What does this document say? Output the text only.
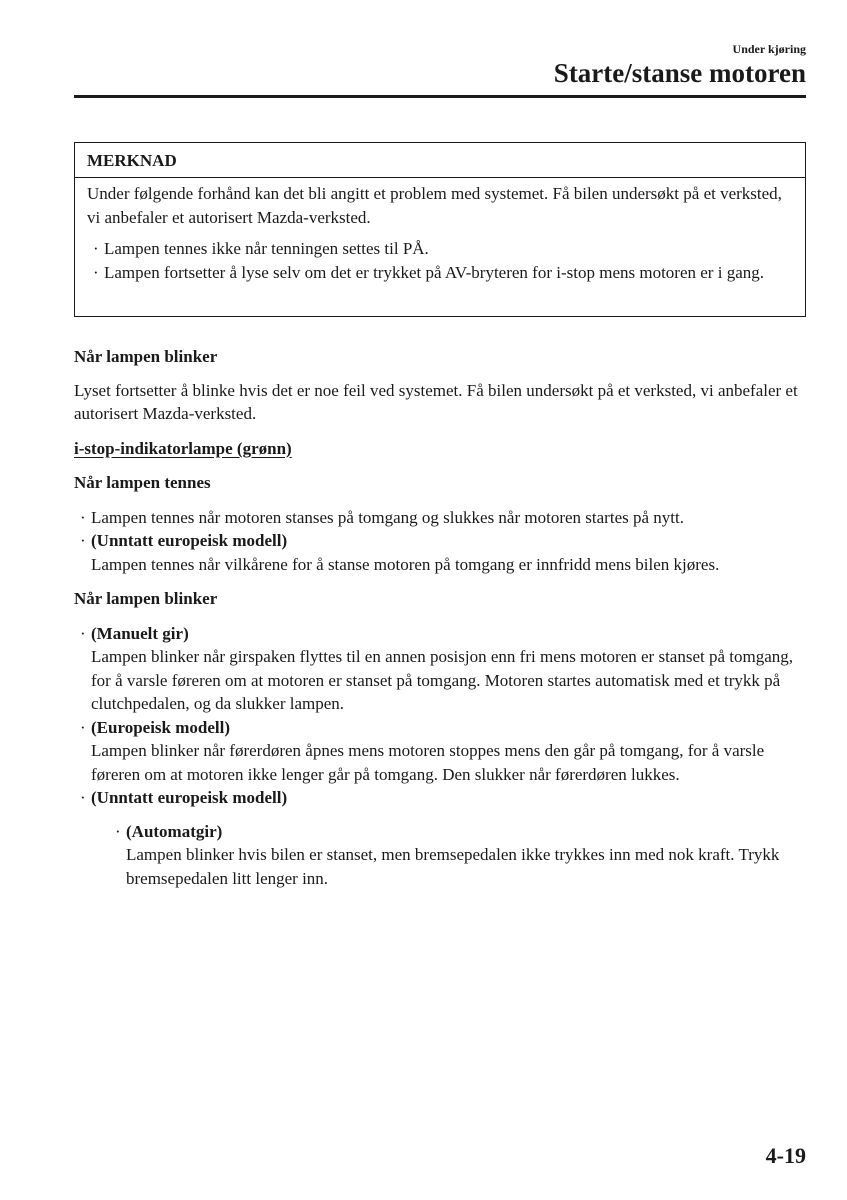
Under kjøring
Starte/stanse motoren
MERKNAD

Under følgende forhånd kan det bli angitt et problem med systemet. Få bilen undersøkt på et verksted, vi anbefaler et autorisert Mazda-verksted.

· Lampen tennes ikke når tenningen settes til PÅ.
· Lampen fortsetter å lyse selv om det er trykket på AV-bryteren for i-stop mens motoren er i gang.

Når lampen blinker

Lyset fortsetter å blinke hvis det er noe feil ved systemet. Få bilen undersøkt på et verksted, vi anbefaler et autorisert Mazda-verksted.

i-stop-indikatorlampe (grønn)

Når lampen tennes

· Lampen tennes når motoren stanses på tomgang og slukkes når motoren startes på nytt.
· (Unntatt europeisk modell)
Lampen tennes når vilkårene for å stanse motoren på tomgang er innfridd mens bilen kjøres.

Når lampen blinker

· (Manuelt gir)
Lampen blinker når girspaken flyttes til en annen posisjon enn fri mens motoren er stanset på tomgang, for å varsle føreren om at motoren er stanset på tomgang. Motoren startes automatisk med et trykk på clutchpedalen, og da slukker lampen.
· (Europeisk modell)
Lampen blinker når førerdøren åpnes mens motoren stoppes mens den går på tomgang, for å varsle føreren om at motoren ikke lenger går på tomgang. Den slukker når førerdøren lukkes.
· (Unntatt europeisk modell)
· (Automatgir)
Lampen blinker hvis bilen er stanset, men bremsepedalen ikke trykkes inn med nok kraft. Trykk bremsepedalen litt lenger inn.
4-19
